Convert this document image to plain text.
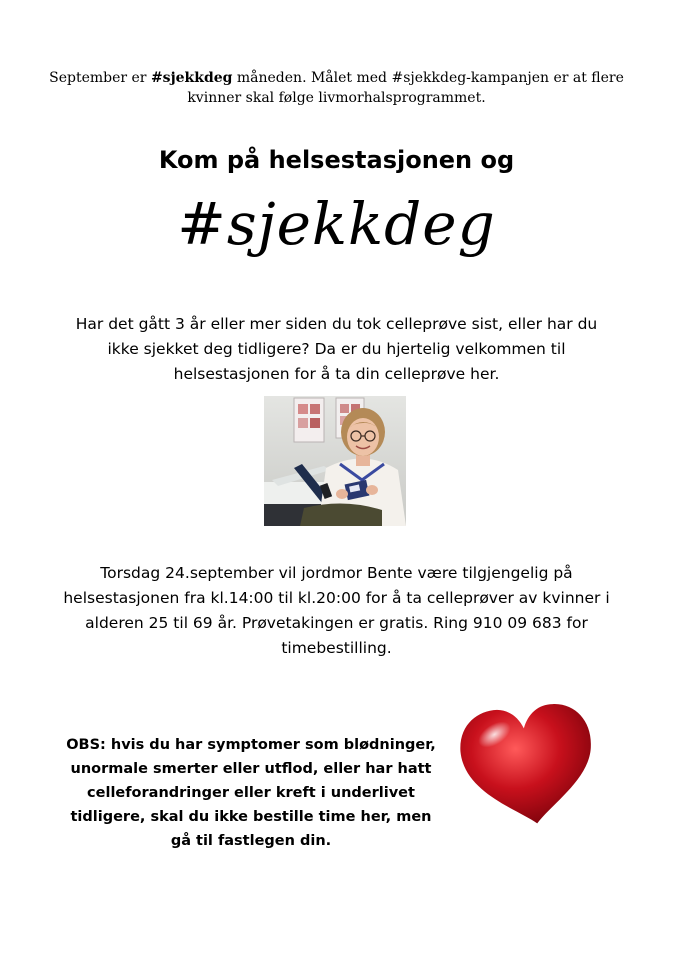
September er #sjekkdeg måneden. Målet med #sjekkdeg-kampanjen er at flere kvinner skal følge livmorhalsprogrammet.
Kom på helsestasjonen og
#sjekkdeg
Har det gått 3 år eller mer siden du tok celleprøve sist, eller har du ikke sjekket deg tidligere? Da er du hjertelig velkommen til helsestasjonen for å ta din celleprøve her.
Torsdag 24.september vil jordmor Bente være tilgjengelig på helsestasjonen fra kl.14:00 til kl.20:00 for å ta celleprøver av kvinner i alderen 25 til 69 år. Prøvetakingen er gratis. Ring 910 09 683 for timebestilling.
OBS: hvis du har symptomer som blødninger, unormale smerter eller utflod, eller har hatt celleforandringer eller kreft i underlivet tidligere, skal du ikke bestille time her, men gå til fastlegen din.
